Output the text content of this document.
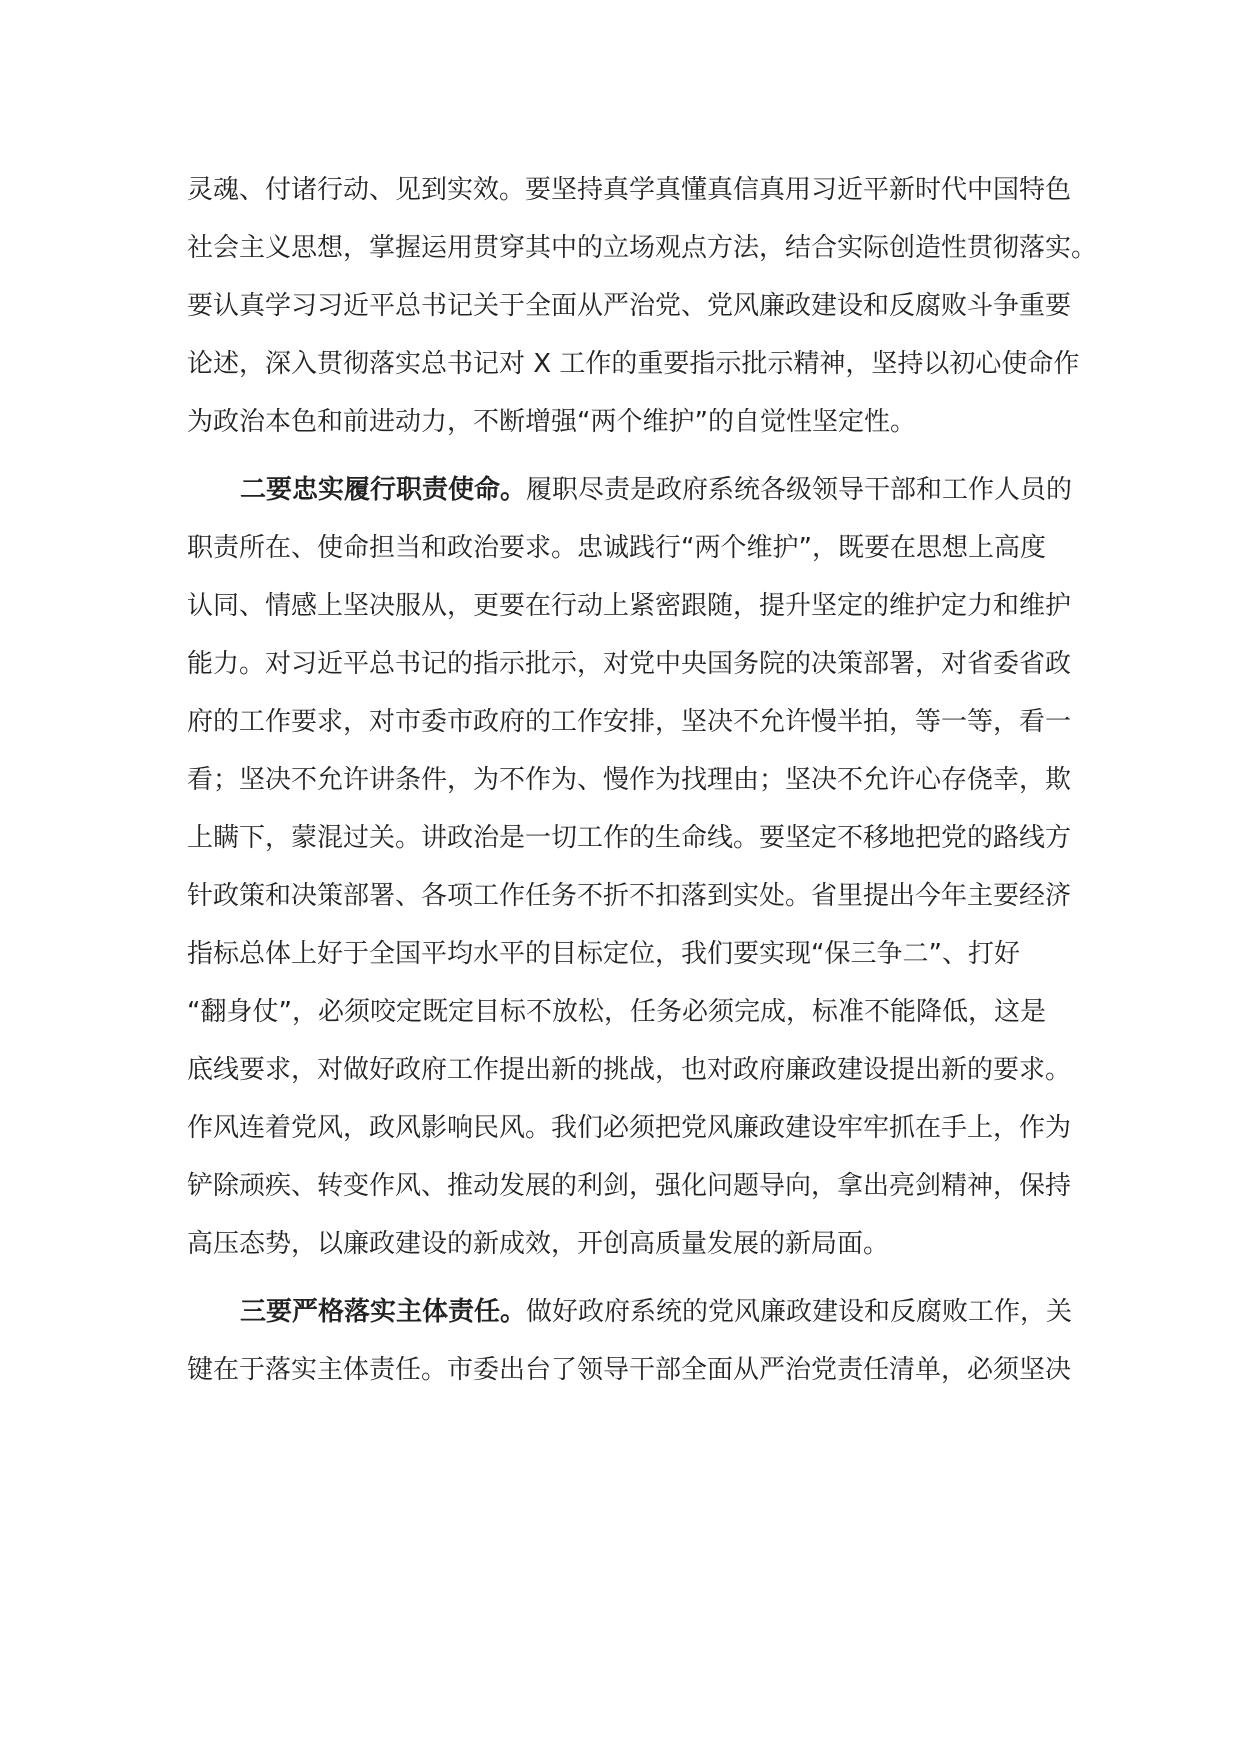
灵魂、付诸行动、见到实效。要坚持真学真懂真信真用习近平新时代中国特色

社会主义思想，掌握运用贯穿其中的立场观点方法，结合实际创造性贯彻落实。

要认真学习习近平总书记关于全面从严治党、党风廉政建设和反腐败斗争重要

论述，深入贯彻落实总书记对 X 工作的重要指示批示精神，坚持以初心使命作

为政治本色和前进动力，不断增强“两个维护”的自觉性坚定性。

二要忠实履行职责使命。履职尽责是政府系统各级领导干部和工作人员的

职责所在、使命担当和政治要求。忠诚践行“两个维护”，既要在思想上高度

认同、情感上坚决服从，更要在行动上紧密跟随，提升坚定的维护定力和维护

能力。对习近平总书记的指示批示，对党中央国务院的决策部署，对省委省政

府的工作要求，对市委市政府的工作安排，坚决不允许慢半拍，等一等，看一

看；坚决不允许讲条件，为不作为、慢作为找理由；坚决不允许心存侥幸，欺

上瞒下，蒙混过关。讲政治是一切工作的生命线。要坚定不移地把党的路线方

针政策和决策部署、各项工作任务不折不扣落到实处。省里提出今年主要经济

指标总体上好于全国平均水平的目标定位，我们要实现“保三争二”、打好

“翻身仗”，必须咬定既定目标不放松，任务必须完成，标准不能降低，这是

底线要求，对做好政府工作提出新的挑战，也对政府廉政建设提出新的要求。

作风连着党风，政风影响民风。我们必须把党风廉政建设牢牢抓在手上，作为

铲除顽疾、转变作风、推动发展的利剑，强化问题导向，拿出亮剑精神，保持

高压态势，以廉政建设的新成效，开创高质量发展的新局面。

三要严格落实主体责任。做好政府系统的党风廉政建设和反腐败工作，关

键在于落实主体责任。市委出台了领导干部全面从严治党责任清单，必须坚决
